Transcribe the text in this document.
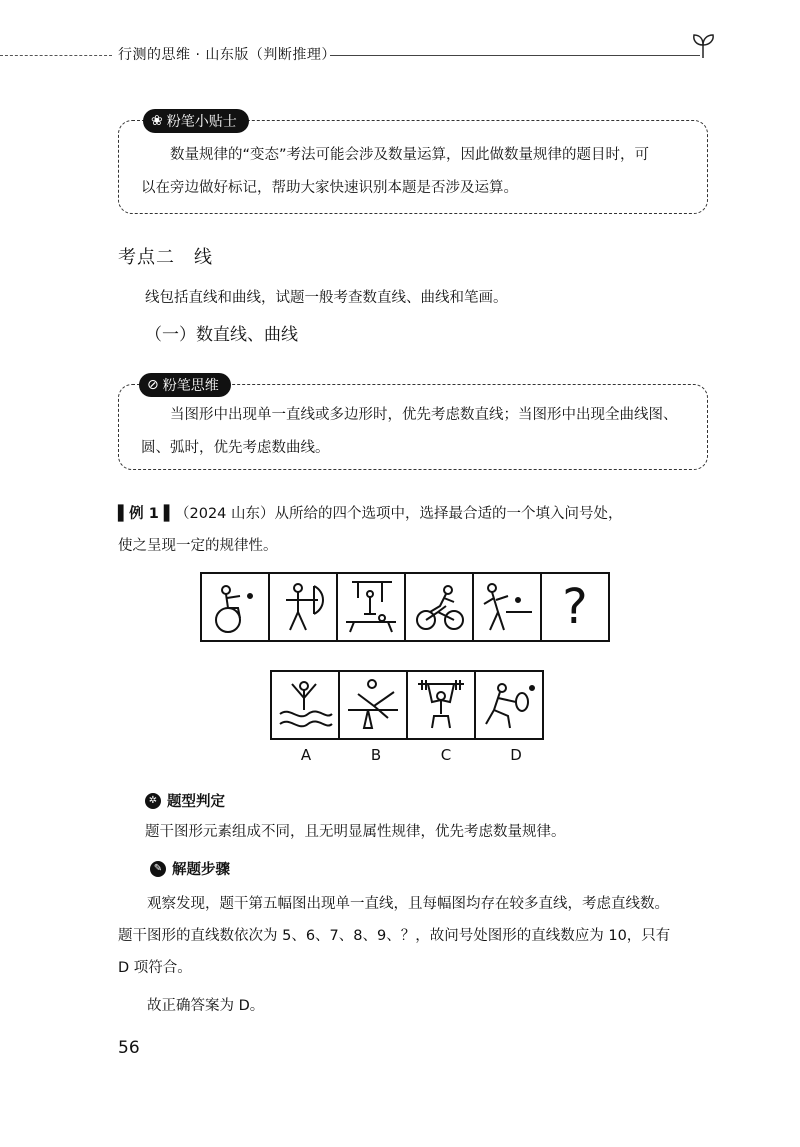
行测的思维 · 山东版（判断推理）
❀ 粉笔小贴士

数量规律的“变态”考法可能会涉及数量运算，因此做数量规律的题目时，可

以在旁边做好标记，帮助大家快速识别本题是否涉及运算。

考点二　线
线包括直线和曲线，试题一般考查数直线、曲线和笔画。
（一）数直线、曲线
⊘ 粉笔思维

当图形中出现单一直线或多边形时，优先考虑数直线；当图形中出现全曲线图、

圆、弧时，优先考虑数曲线。

▌例 1 ▌（2024 山东）从所给的四个选项中，选择最合适的一个填入问号处，

使之呈现一定的规律性。

?
A	B	C	D
✲ 题型判定

题干图形元素组成不同，且无明显属性规律，优先考虑数量规律。

✎ 解题步骤

观察发现，题干第五幅图出现单一直线，且每幅图均存在较多直线，考虑直线数。

题干图形的直线数依次为 5、6、7、8、9、？，故问号处图形的直线数应为 10，只有

D 项符合。

故正确答案为 D。

56
